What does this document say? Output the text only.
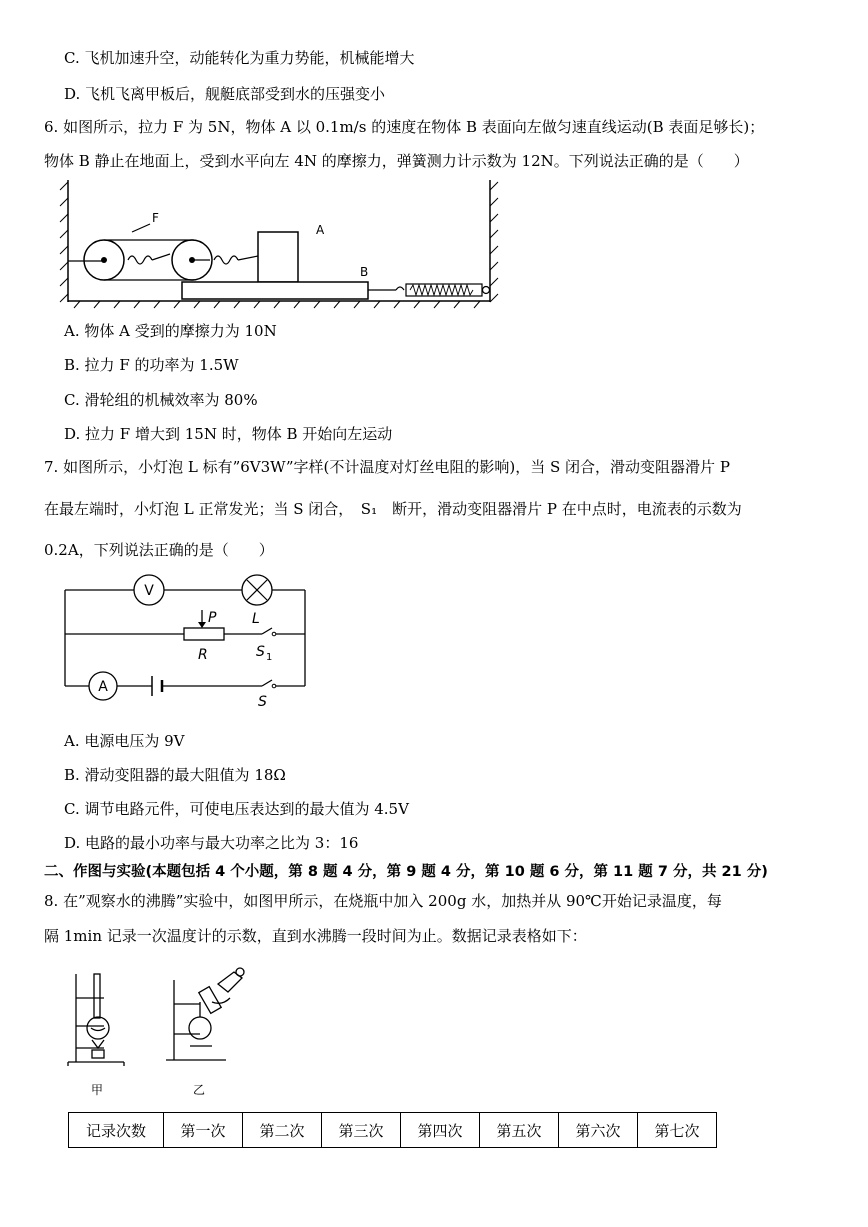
C. 飞机加速升空，动能转化为重力势能，机械能增大
D. 飞机飞离甲板后，舰艇底部受到水的压强变小
6. 如图所示，拉力 F 为 5N，物体 A 以 0.1m/s 的速度在物体 B 表面向左做匀速直线运动(B 表面足够长)；
物体 B 静止在地面上，受到水平向左 4N 的摩擦力，弹簧测力计示数为 12N。下列说法正确的是（　　）
F
A
B
A. 物体 A 受到的摩擦力为 10N
B. 拉力 F 的功率为 1.5W
C. 滑轮组的机械效率为 80%
D. 拉力 F 增大到 15N 时，物体 B 开始向左运动
7. 如图所示，小灯泡 L 标有”6V3W”字样(不计温度对灯丝电阻的影响)，当 S 闭合，滑动变阻器滑片 P
在最左端时，小灯泡 L 正常发光；当 S 闭合，　S₁　断开，滑动变阻器滑片 P 在中点时，电流表的示数为
0.2A，下列说法正确的是（　　）
V
P
R
L
S 1
A
S
A. 电源电压为 9V
B. 滑动变阻器的最大阻值为 18Ω
C. 调节电路元件，可使电压表达到的最大值为 4.5V
D. 电路的最小功率与最大功率之比为 3：16
二、作图与实验(本题包括 4 个小题，第 8 题 4 分，第 9 题 4 分，第 10 题 6 分，第 11 题 7 分，共 21 分)
8. 在”观察水的沸腾”实验中，如图甲所示，在烧瓶中加入 200g 水，加热并从 90℃开始记录温度，每
隔 1min 记录一次温度计的示数，直到水沸腾一段时间为止。数据记录表格如下：
甲	乙
记录次数	第一次	第二次	第三次	第四次	第五次	第六次	第七次
